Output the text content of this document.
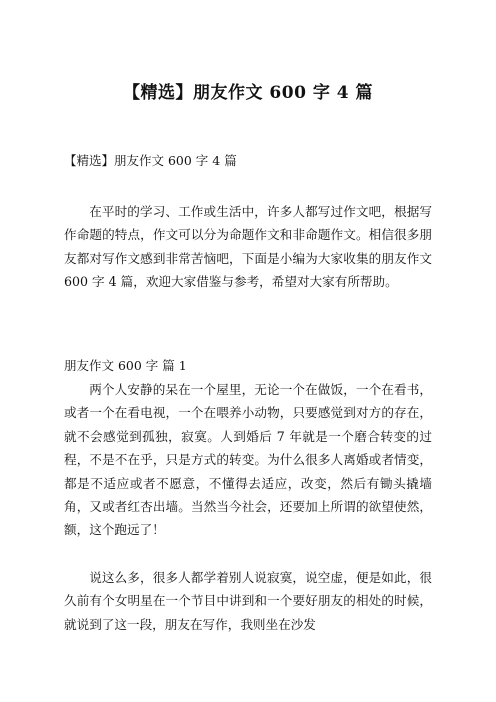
【精选】朋友作文 600 字 4 篇
【精选】朋友作文 600 字 4 篇

在平时的学习、工作或生活中，许多人都写过作文吧，根据写作命题的特点，作文可以分为命题作文和非命题作文。相信很多朋友都对写作文感到非常苦恼吧，下面是小编为大家收集的朋友作文 600 字 4 篇，欢迎大家借鉴与参考，希望对大家有所帮助。

朋友作文 600 字 篇 1

两个人安静的呆在一个屋里，无论一个在做饭，一个在看书，或者一个在看电视，一个在喂养小动物，只要感觉到对方的存在，就不会感觉到孤独，寂寞。人到婚后 7 年就是一个磨合转变的过程，不是不在乎，只是方式的转变。为什么很多人离婚或者情变，都是不适应或者不愿意，不懂得去适应，改变，然后有锄头撬墙角，又或者红杏出墙。当然当今社会，还要加上所谓的欲望使然，额，这个跑远了！

说这么多，很多人都学着别人说寂寞，说空虚，便是如此，很久前有个女明星在一个节目中讲到和一个要好朋友的相处的时候，就说到了这一段，朋友在写作，我则坐在沙发
